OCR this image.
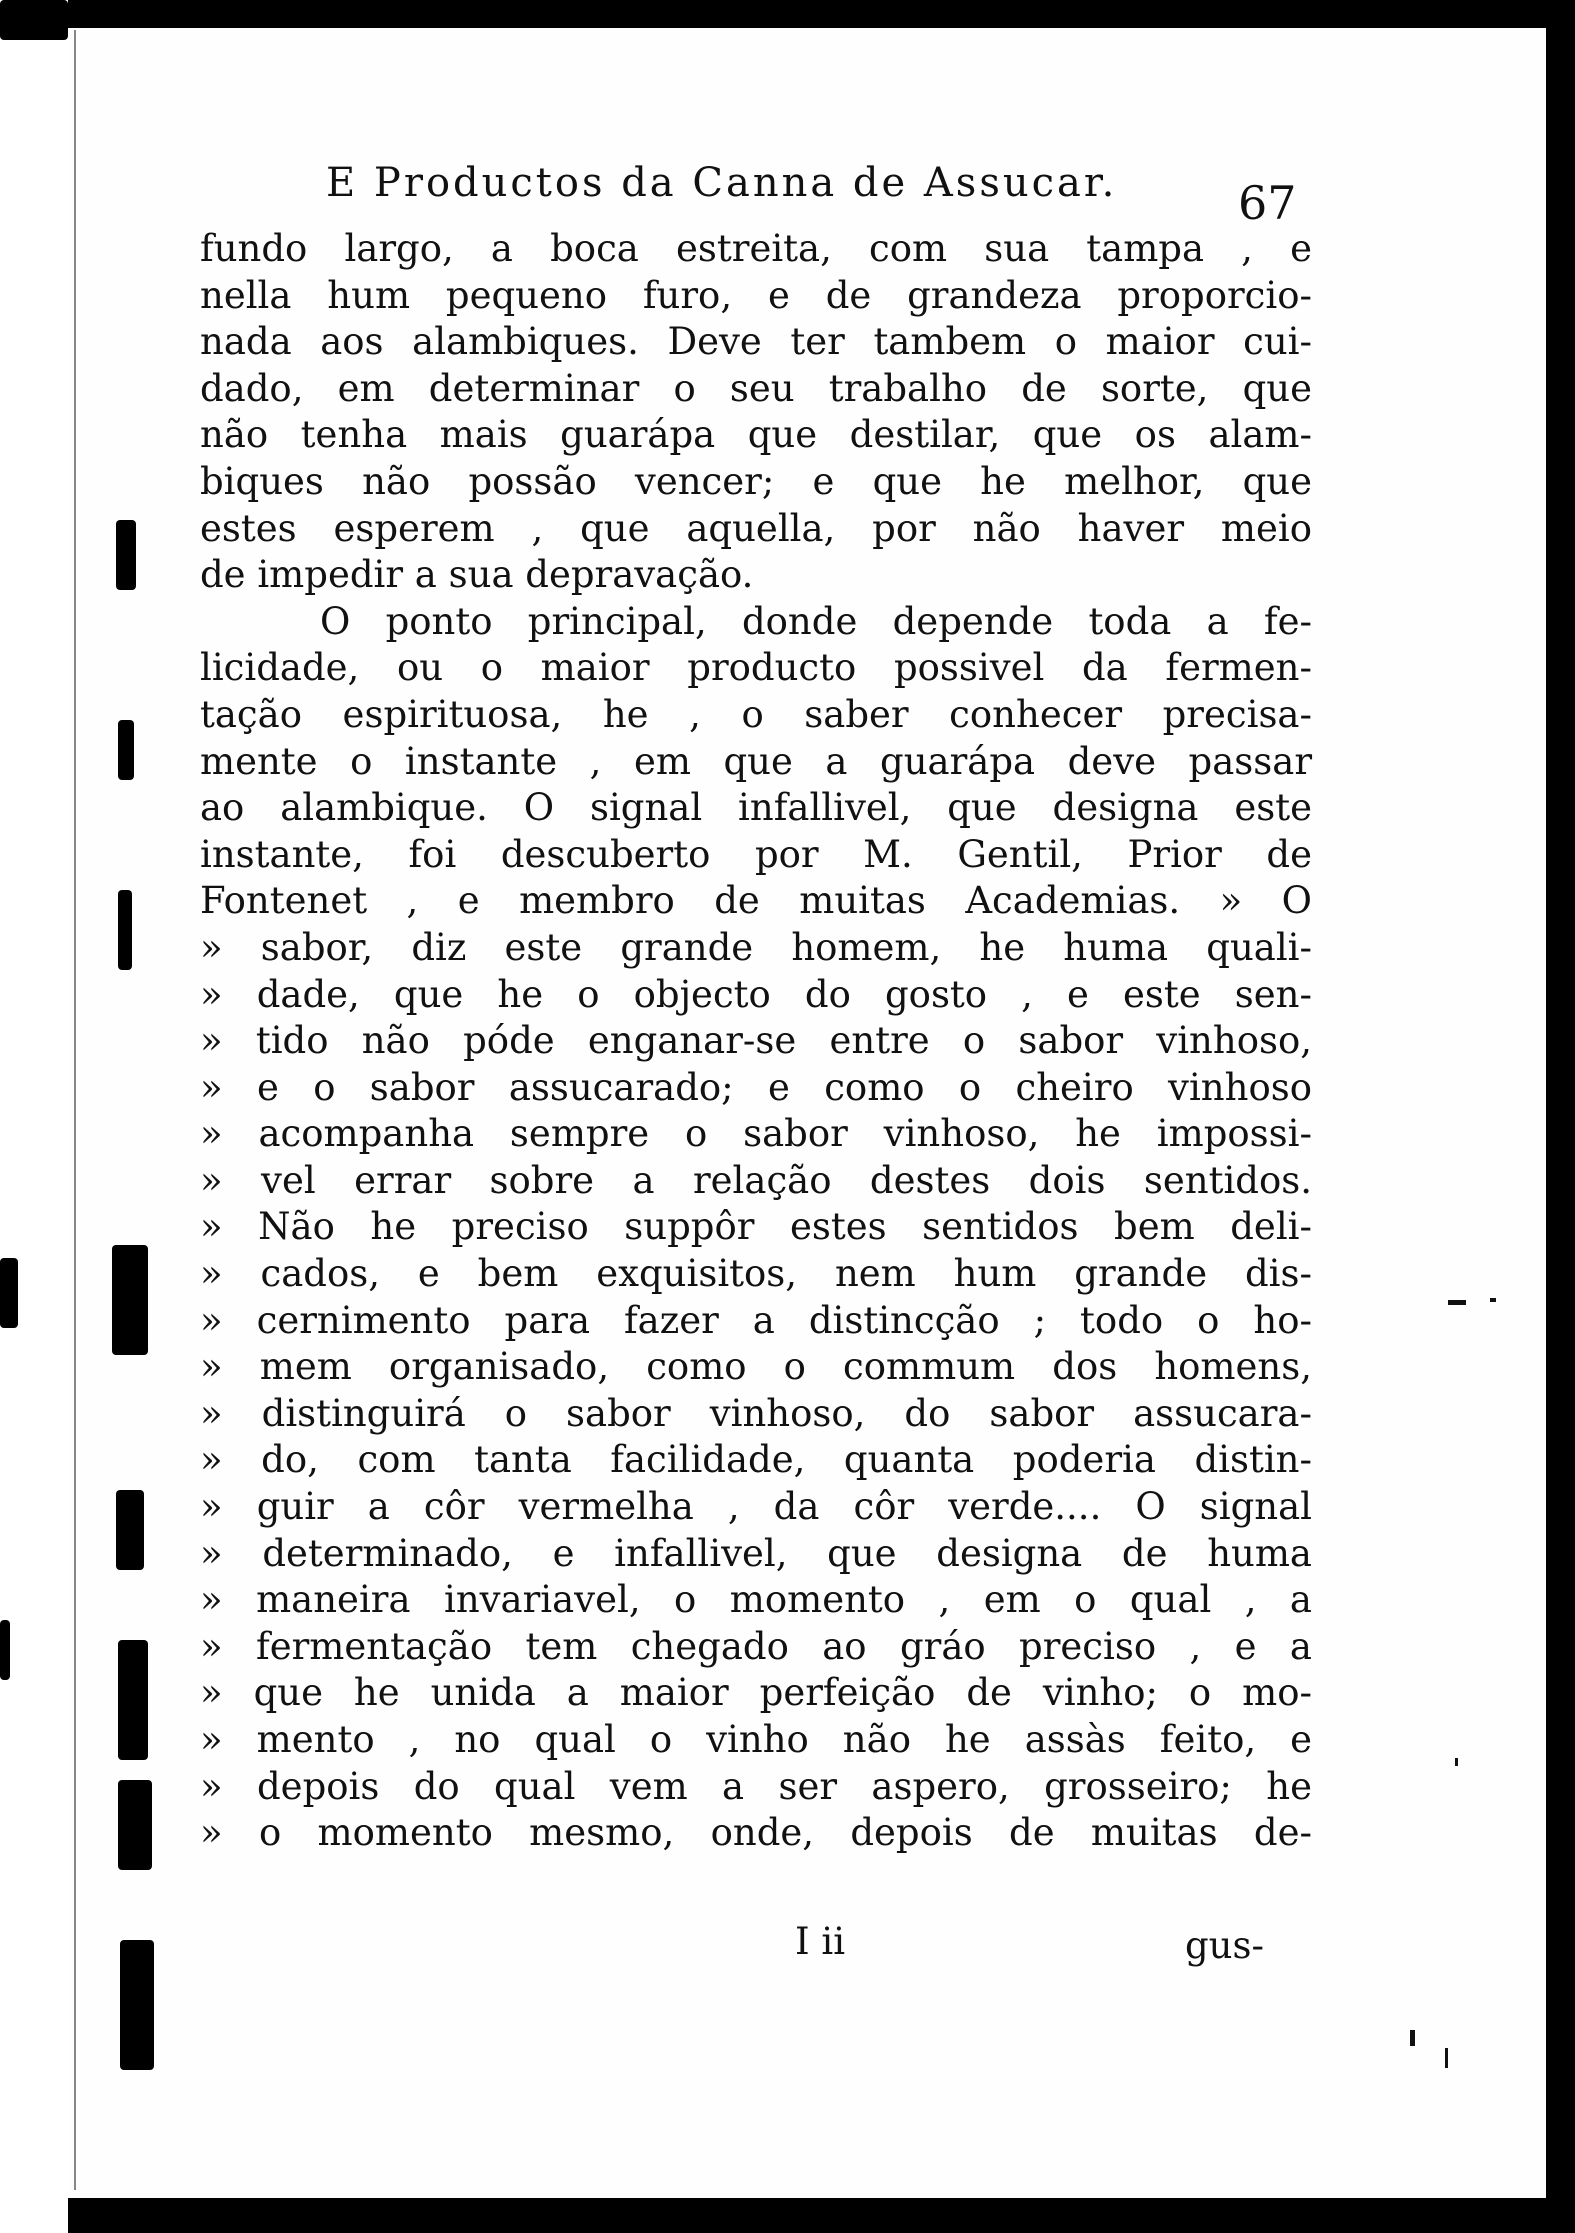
E Productos da Canna de Assucar.	67
fundo largo, a boca estreita, com sua tampa , e
nella hum pequeno furo, e de grandeza proporcio-
nada aos alambiques. Deve ter tambem o maior cui-
dado, em determinar o seu trabalho de sorte, que
não tenha mais guarápa que destilar, que os alam-
biques não possão vencer; e que he melhor, que
estes esperem , que aquella, por não haver meio
de impedir a sua depravação.
O ponto principal, donde depende toda a fe-
licidade, ou o maior producto possivel da fermen-
tação espirituosa, he , o saber conhecer precisa-
mente o instante , em que a guarápa deve passar
ao alambique. O signal infallivel, que designa este
instante, foi descuberto por M. Gentil, Prior de
Fontenet , e membro de muitas Academias. » O
» sabor, diz este grande homem, he huma quali-
» dade, que he o objecto do gosto , e este sen-
» tido não póde enganar-se entre o sabor vinhoso,
» e o sabor assucarado; e como o cheiro vinhoso
» acompanha sempre o sabor vinhoso, he impossi-
» vel errar sobre a relação destes dois sentidos.
» Não he preciso suppôr estes sentidos bem deli-
» cados, e bem exquisitos, nem hum grande dis-
» cernimento para fazer a distincção ; todo o ho-
» mem organisado, como o commum dos homens,
» distinguirá o sabor vinhoso, do sabor assucara-
» do, com tanta facilidade, quanta poderia distin-
» guir a côr vermelha , da côr verde.... O signal
» determinado, e infallivel, que designa de huma
» maneira invariavel, o momento , em o qual , a
» fermentação tem chegado ao gráo preciso , e a
» que he unida a maior perfeição de vinho; o mo-
» mento , no qual o vinho não he assàs feito, e
» depois do qual vem a ser aspero, grosseiro; he
» o momento mesmo, onde, depois de muitas de-
I ii	gus-
